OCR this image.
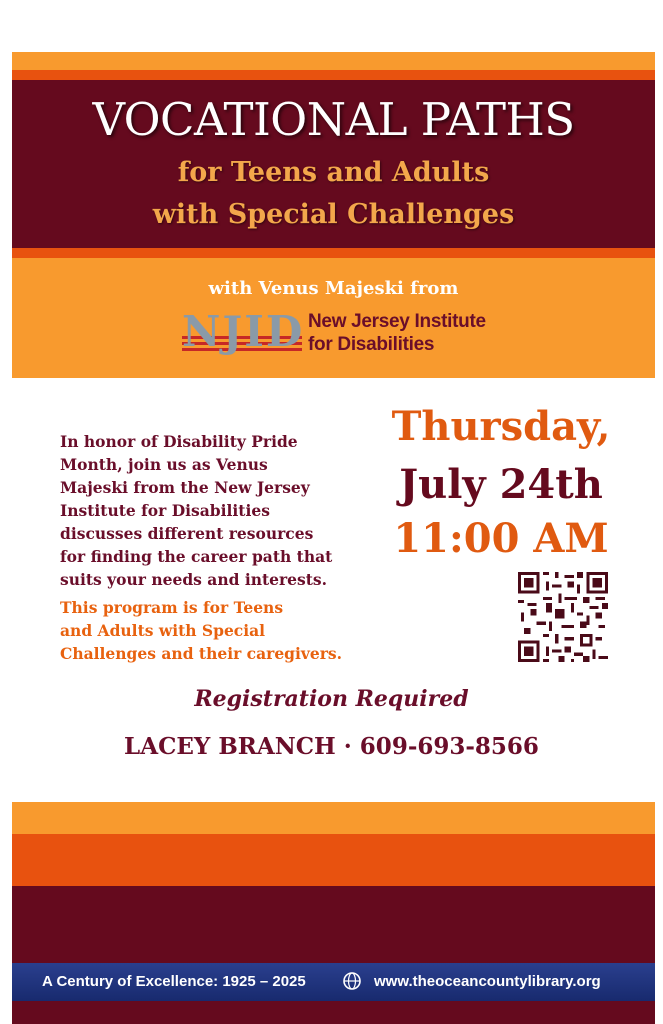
VOCATIONAL PATHS
for Teens and Adults
with Special Challenges
with Venus Majeski from
NJID New Jersey Institute
for Disabilities
In honor of Disability Pride
Month, join us as Venus
Majeski from the New Jersey
Institute for Disabilities
discusses different resources
for finding the career path that
suits your needs and interests.
This program is for Teens
and Adults with Special
Challenges and their caregivers.
Thursday,
July 24th
11:00 AM
Registration Required
LACEY BRANCH · 609-693-8566
A Century of Excellence: 1925 – 2025	www.theoceancountylibrary.org
